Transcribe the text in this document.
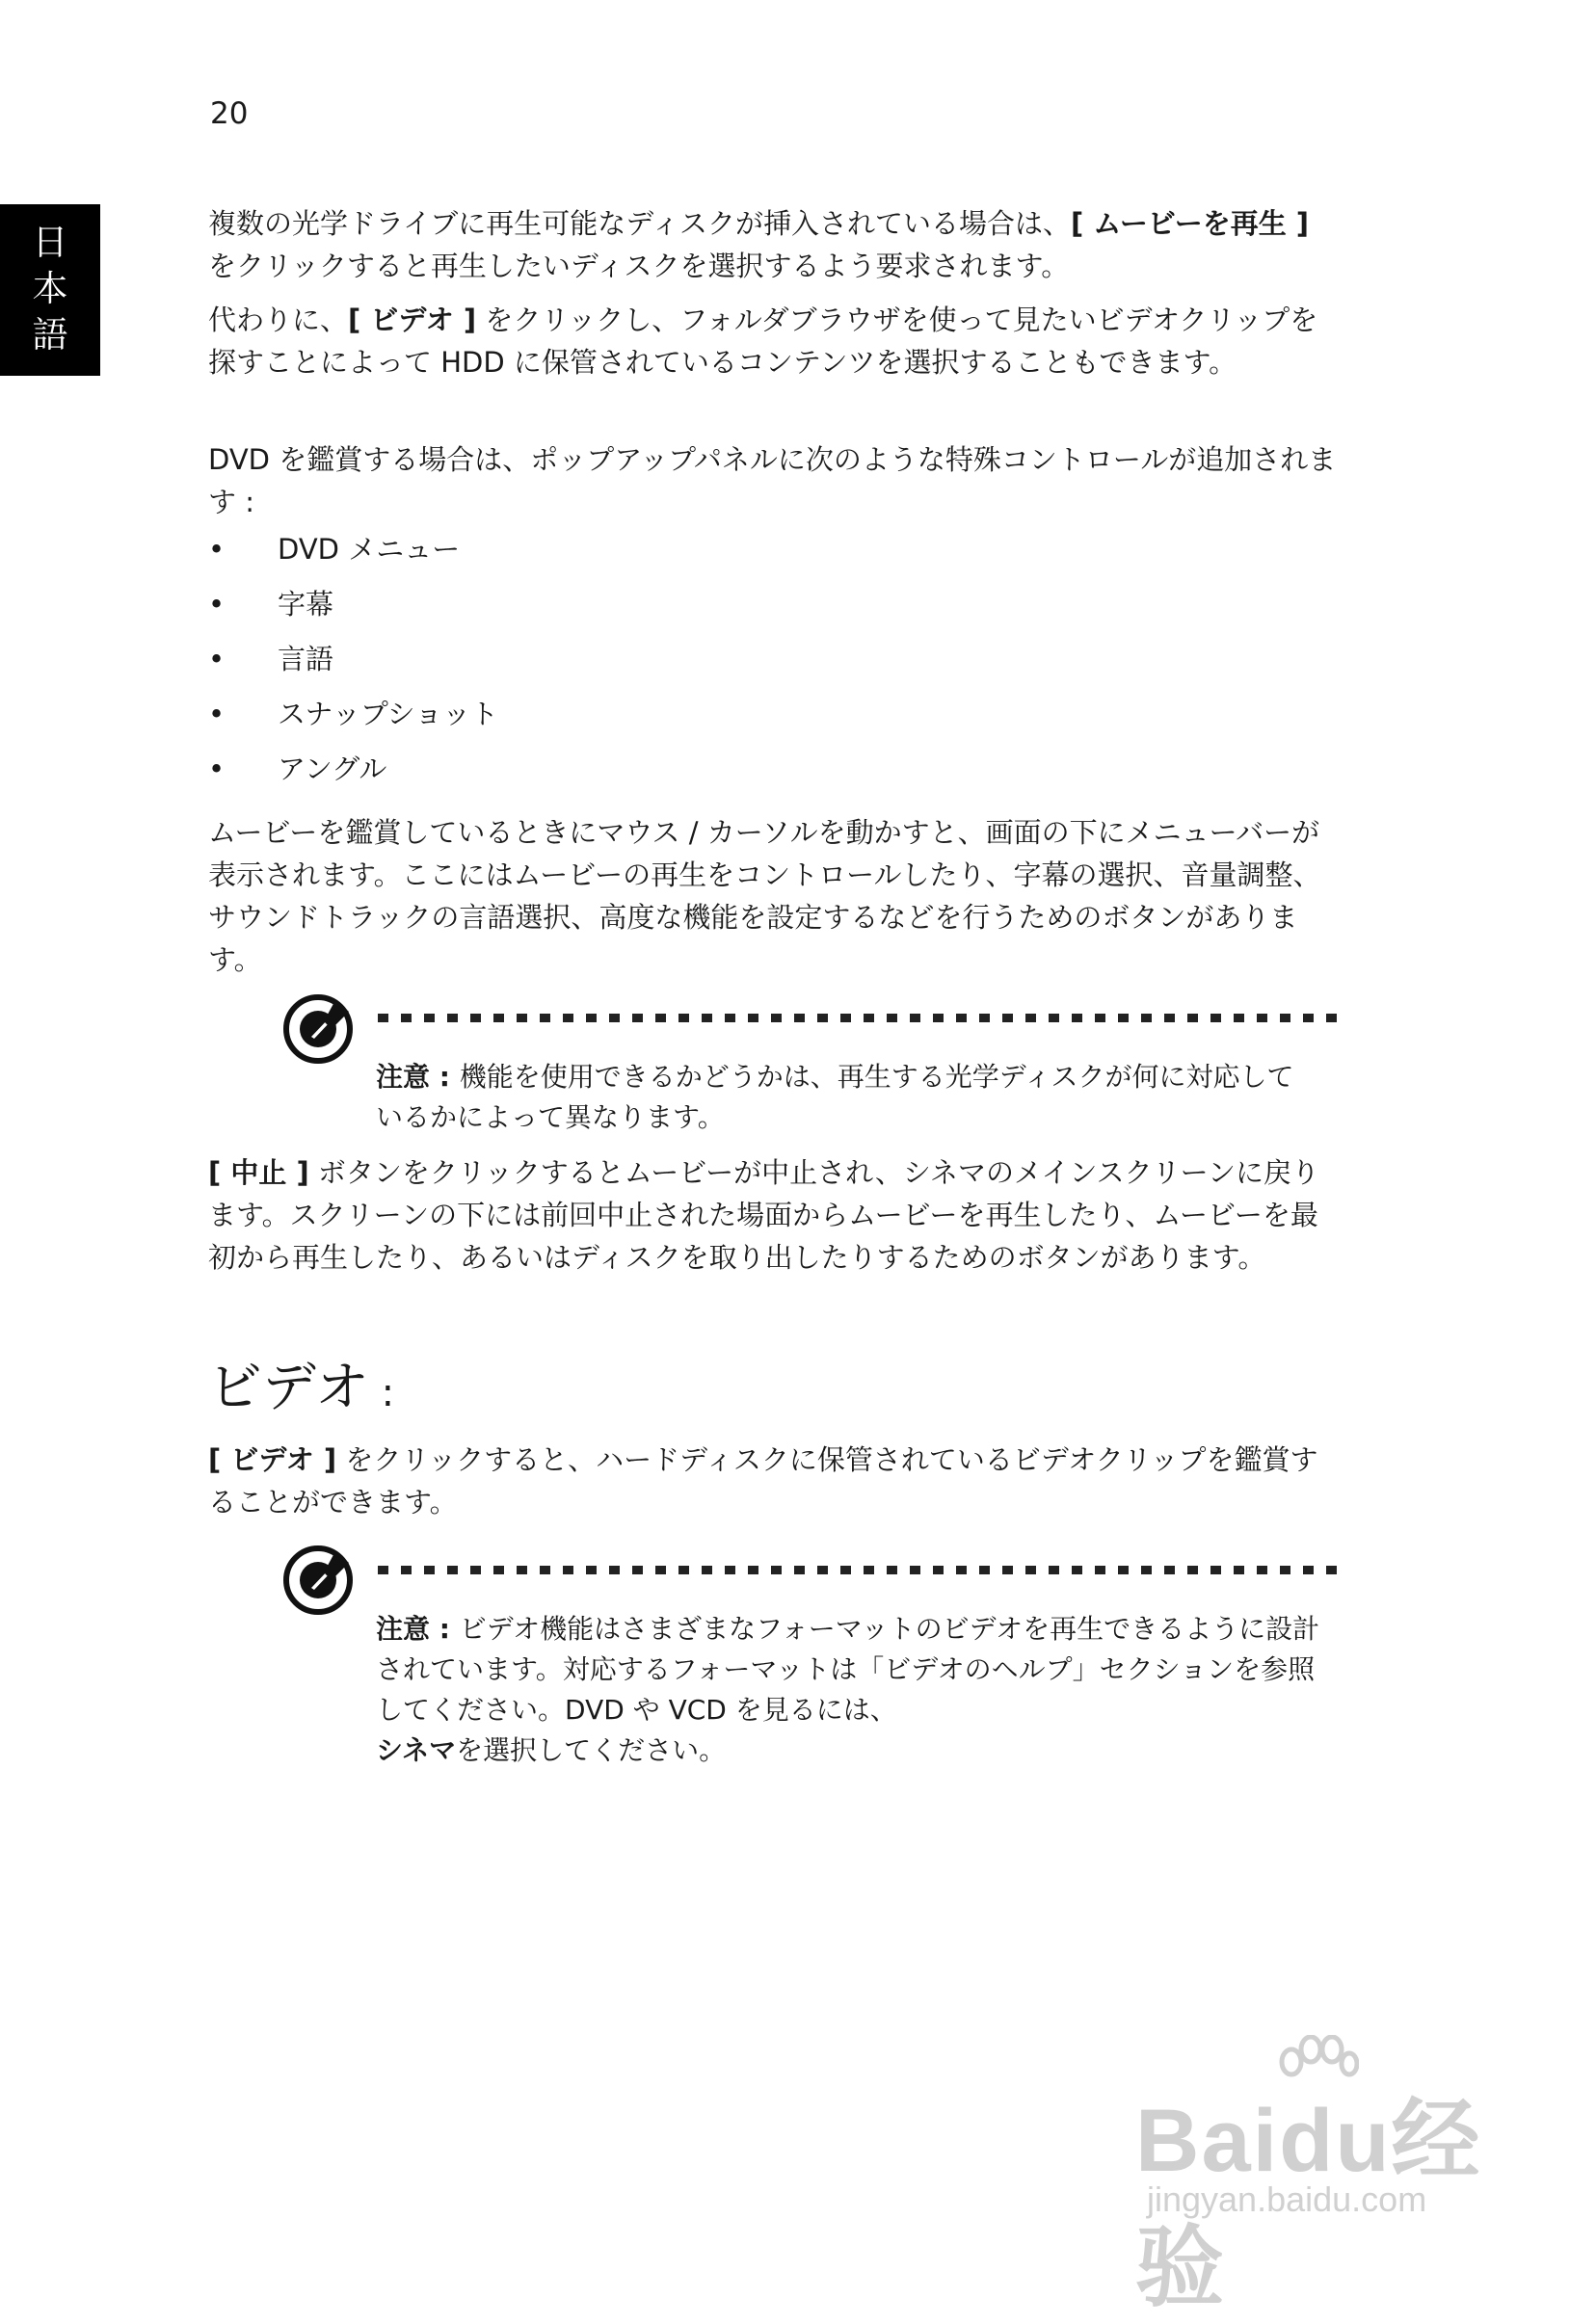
20
日
本
語

複数の光学ドライブに再生可能なディスクが挿入されている場合は、[ ムービーを再生 ] をクリックすると再生したいディスクを選択するよう要求されます。

代わりに、[ ビデオ ] をクリックし、フォルダブラウザを使って見たいビデオクリップを探すことによって HDD に保管されているコンテンツを選択することもできます。

DVD を鑑賞する場合は、ポップアップパネルに次のような特殊コントロールが追加されます :

• DVD メニュー
• 字幕
• 言語
• スナップショット
• アングル

ムービーを鑑賞しているときにマウス / カーソルを動かすと、画面の下にメニューバーが表示されます。ここにはムービーの再生をコントロールしたり、字幕の選択、音量調整、サウンドトラックの言語選択、高度な機能を設定するなどを行うためのボタンがあります。

注意 : 機能を使用できるかどうかは、再生する光学ディスクが何に対応しているかによって異なります。

[ 中止 ] ボタンをクリックするとムービーが中止され、シネマのメインスクリーンに戻ります。スクリーンの下には前回中止された場面からムービーを再生したり、ムービーを最初から再生したり、あるいはディスクを取り出したりするためのボタンがあります。

ビデオ :

[ ビデオ ] をクリックすると、ハードディスクに保管されているビデオクリップを鑑賞することができます。

注意 : ビデオ機能はさまざまなフォーマットのビデオを再生できるように設計されています。対応するフォーマットは「ビデオのヘルプ」セクションを参照してください。DVD や VCD を見るには、
シネマを選択してください。
Baidu经验
jingyan.baidu.com
